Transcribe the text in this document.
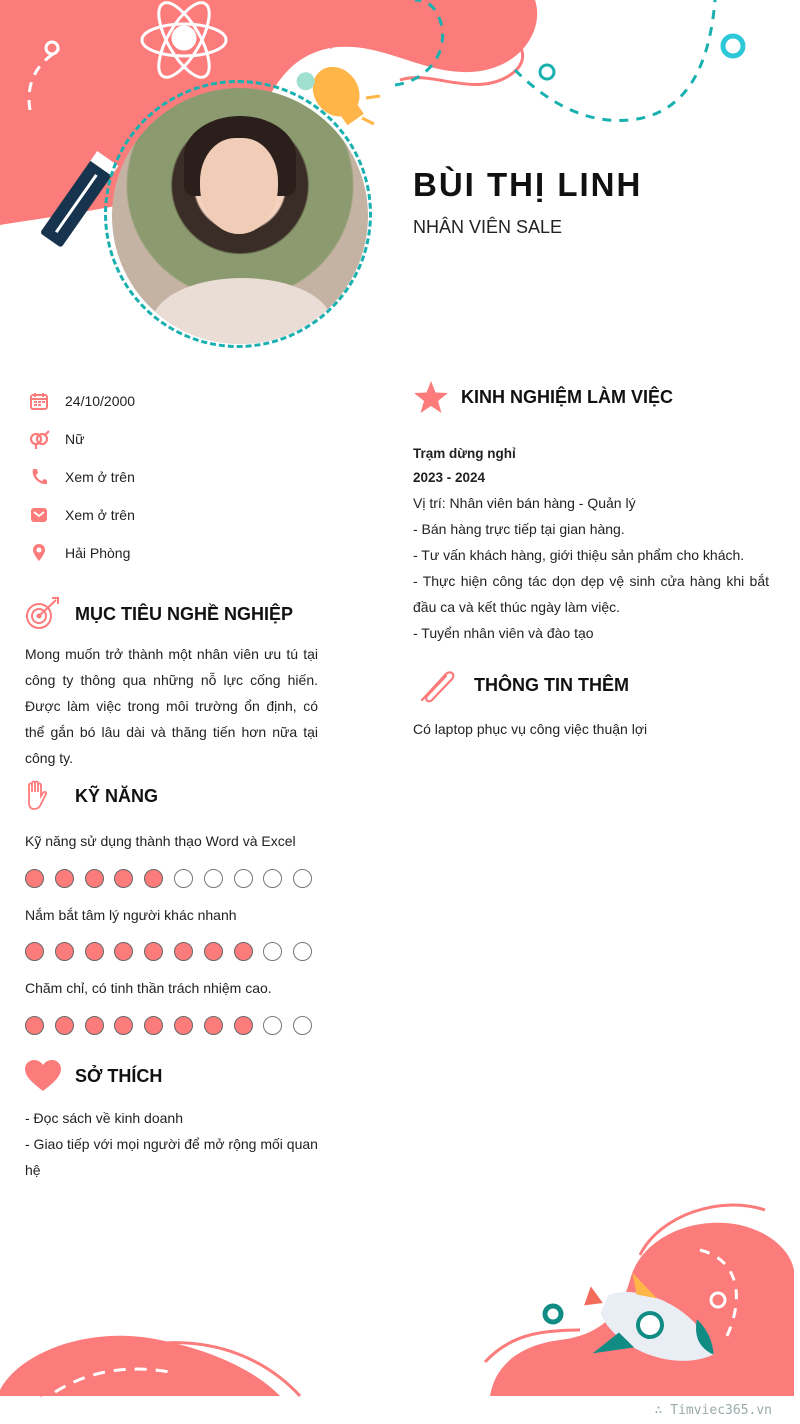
BÙI THỊ LINH
NHÂN VIÊN SALE
24/10/2000
Nữ
Xem ở trên
Xem ở trên
Hải Phòng
MỤC TIÊU NGHỀ NGHIỆP
Mong muốn trở thành một nhân viên ưu tú tại công ty thông qua những nỗ lực cống hiến. Được làm việc trong môi trường ổn định, có thể gắn bó lâu dài và thăng tiến hơn nữa tại công ty.
KỸ NĂNG
Kỹ năng sử dụng thành thạo Word và Excel
Nắm bắt tâm lý người khác nhanh
Chăm chỉ, có tinh thần trách nhiệm cao.
SỞ THÍCH
- Đọc sách về kinh doanh
- Giao tiếp với mọi người để mở rộng mối quan hệ
KINH NGHIỆM LÀM VIỆC
Trạm dừng nghỉ
2023 - 2024
Vị trí: Nhân viên bán hàng - Quản lý
- Bán hàng trực tiếp tại gian hàng.
- Tư vấn khách hàng, giới thiệu sản phẩm cho khách.
- Thực hiện công tác dọn dẹp vệ sinh cửa hàng khi bắt đầu ca và kết thúc ngày làm việc.
- Tuyển nhân viên và đào tạo
THÔNG TIN THÊM
Có laptop phục vụ công việc thuận lợi
∴ Timviec365.vn
